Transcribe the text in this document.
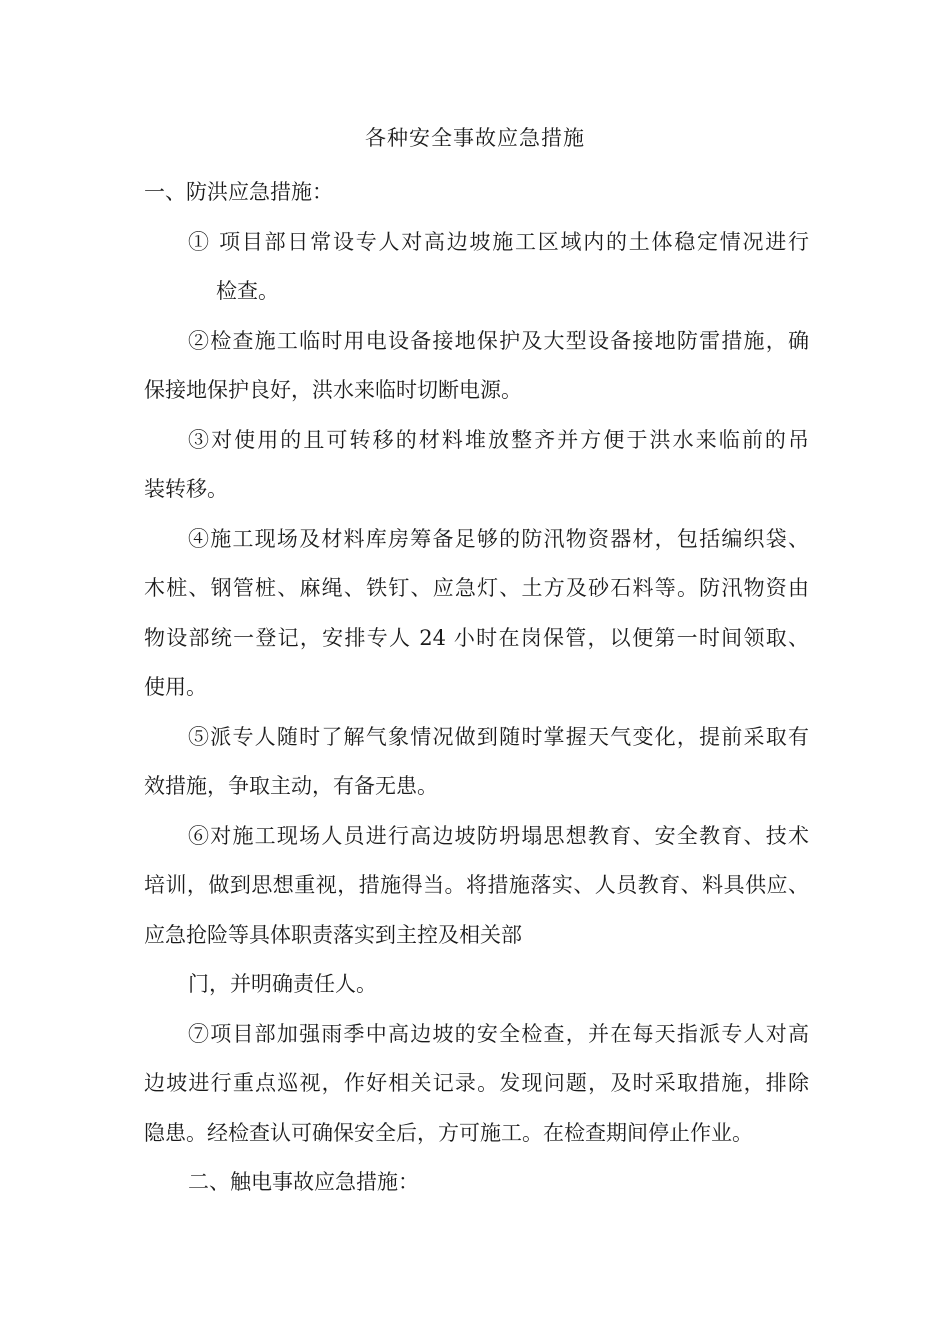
各种安全事故应急措施
一、防洪应急措施：
① 项目部日常设专人对高边坡施工区域内的土体稳定情况进行
检查。
②检查施工临时用电设备接地保护及大型设备接地防雷措施，确
保接地保护良好，洪水来临时切断电源。
③对使用的且可转移的材料堆放整齐并方便于洪水来临前的吊
装转移。
④施工现场及材料库房筹备足够的防汛物资器材，包括编织袋、
木桩、钢管桩、麻绳、铁钉、应急灯、土方及砂石料等。防汛物资由
物设部统一登记，安排专人 24 小时在岗保管，以便第一时间领取、
使用。
⑤派专人随时了解气象情况做到随时掌握天气变化，提前采取有
效措施，争取主动，有备无患。
⑥对施工现场人员进行高边坡防坍塌思想教育、安全教育、技术
培训，做到思想重视，措施得当。将措施落实、人员教育、料具供应、
应急抢险等具体职责落实到主控及相关部
门，并明确责任人。
⑦项目部加强雨季中高边坡的安全检查，并在每天指派专人对高
边坡进行重点巡视，作好相关记录。发现问题，及时采取措施，排除
隐患。经检查认可确保安全后，方可施工。在检查期间停止作业。
二、触电事故应急措施：
